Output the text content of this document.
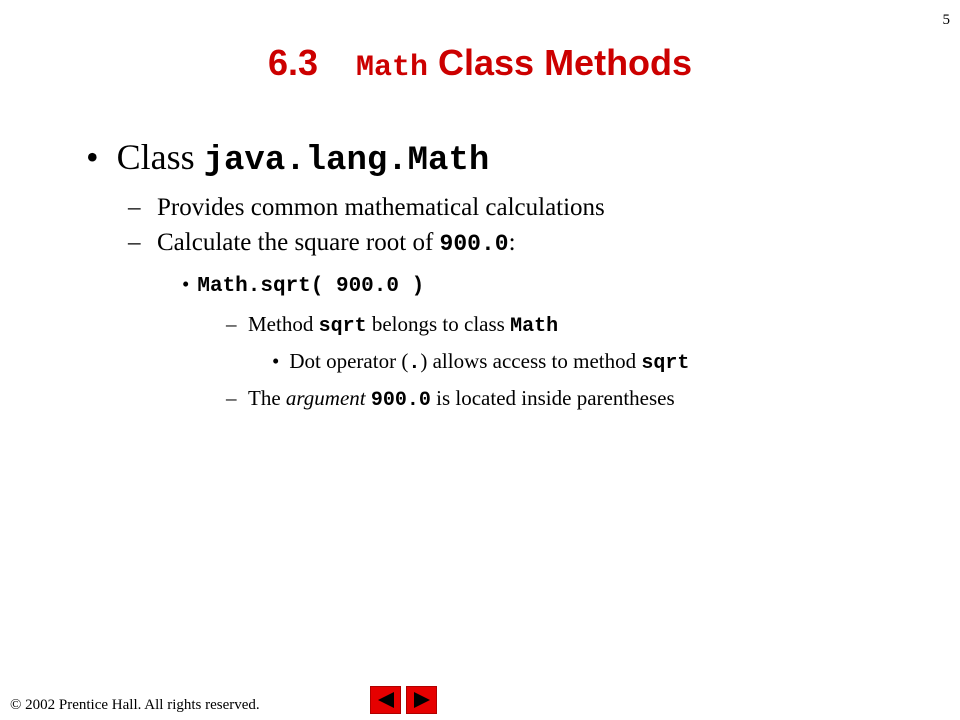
5
6.3 Math Class Methods
• Class java.lang.Math
– Provides common mathematical calculations
– Calculate the square root of 900.0:
• Math.sqrt( 900.0 )
– Method sqrt belongs to class Math
• Dot operator (.) allows access to method sqrt
– The argument 900.0 is located inside parentheses
© 2002 Prentice Hall. All rights reserved.
